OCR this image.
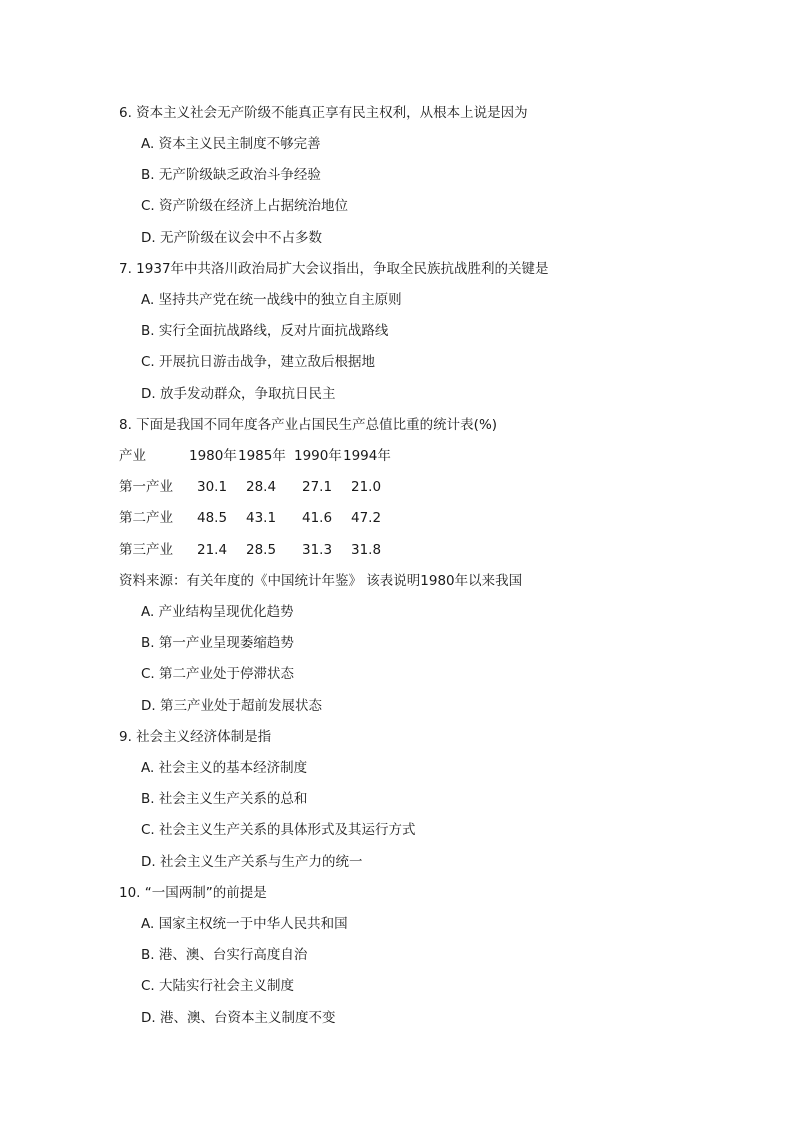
6. 资本主义社会无产阶级不能真正享有民主权利，从根本上说是因为
A. 资本主义民主制度不够完善
B. 无产阶级缺乏政治斗争经验
C. 资产阶级在经济上占据统治地位
D. 无产阶级在议会中不占多数
7. 1937年中共洛川政治局扩大会议指出，争取全民族抗战胜利的关键是
A. 坚持共产党在统一战线中的独立自主原则
B. 实行全面抗战路线，反对片面抗战路线
C. 开展抗日游击战争，建立敌后根据地
D. 放手发动群众，争取抗日民主
8. 下面是我国不同年度各产业占国民生产总值比重的统计表(%)
产业	1980年 1985年 1990年 1994年
第一产业 30.1 28.4 27.1 21.0
第二产业 48.5 43.1 41.6 47.2
第三产业 21.4 28.5 31.3 31.8
资料来源：有关年度的《中国统计年鉴》 该表说明1980年以来我国
A. 产业结构呈现优化趋势
B. 第一产业呈现萎缩趋势
C. 第二产业处于停滞状态
D. 第三产业处于超前发展状态
9. 社会主义经济体制是指
A. 社会主义的基本经济制度
B. 社会主义生产关系的总和
C. 社会主义生产关系的具体形式及其运行方式
D. 社会主义生产关系与生产力的统一
10. “一国两制”的前提是
A. 国家主权统一于中华人民共和国
B. 港、澳、台实行高度自治
C. 大陆实行社会主义制度
D. 港、澳、台资本主义制度不变
